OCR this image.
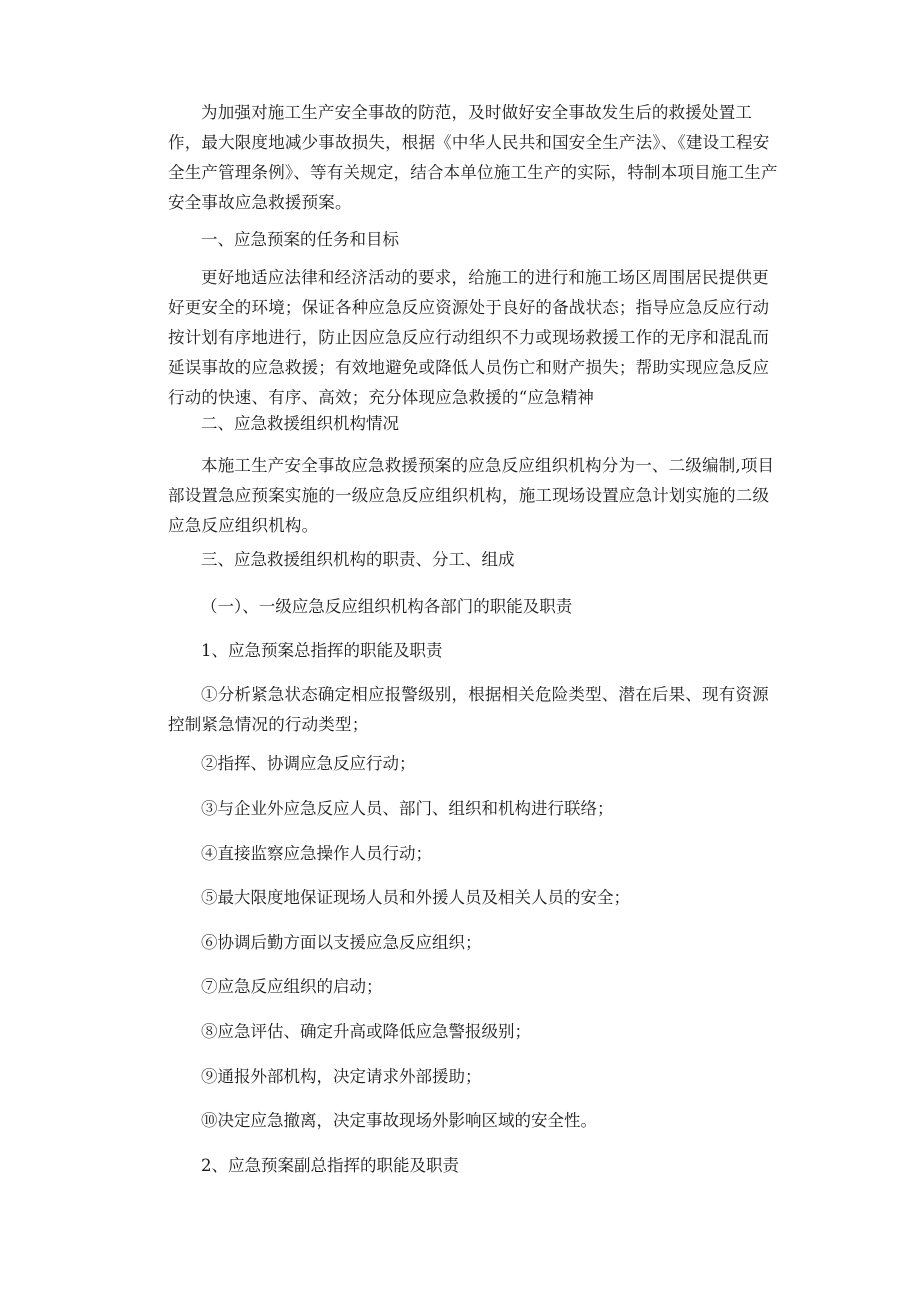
为加强对施工生产安全事故的防范，及时做好安全事故发生后的救援处置工作，最大限度地减少事故损失，根据《中华人民共和国安全生产法》、《建设工程安全生产管理条例》、等有关规定，结合本单位施工生产的实际，特制本项目施工生产安全事故应急救援预案。

一、应急预案的任务和目标

更好地适应法律和经济活动的要求，给施工的进行和施工场区周围居民提供更好更安全的环境；保证各种应急反应资源处于良好的备战状态；指导应急反应行动按计划有序地进行，防止因应急反应行动组织不力或现场救援工作的无序和混乱而延误事故的应急救援；有效地避免或降低人员伤亡和财产损失；帮助实现应急反应行动的快速、有序、高效；充分体现应急救援的“应急精神

二、应急救援组织机构情况

本施工生产安全事故应急救援预案的应急反应组织机构分为一、二级编制,项目部设置急应预案实施的一级应急反应组织机构，施工现场设置应急计划实施的二级应急反应组织机构。

三、应急救援组织机构的职责、分工、组成

（一）、一级应急反应组织机构各部门的职能及职责

1、应急预案总指挥的职能及职责

①分析紧急状态确定相应报警级别，根据相关危险类型、潜在后果、现有资源控制紧急情况的行动类型；

②指挥、协调应急反应行动；

③与企业外应急反应人员、部门、组织和机构进行联络；

④直接监察应急操作人员行动；

⑤最大限度地保证现场人员和外援人员及相关人员的安全；

⑥协调后勤方面以支援应急反应组织；

⑦应急反应组织的启动；

⑧应急评估、确定升高或降低应急警报级别；

⑨通报外部机构，决定请求外部援助；

⑩决定应急撤离，决定事故现场外影响区域的安全性。

2、应急预案副总指挥的职能及职责
